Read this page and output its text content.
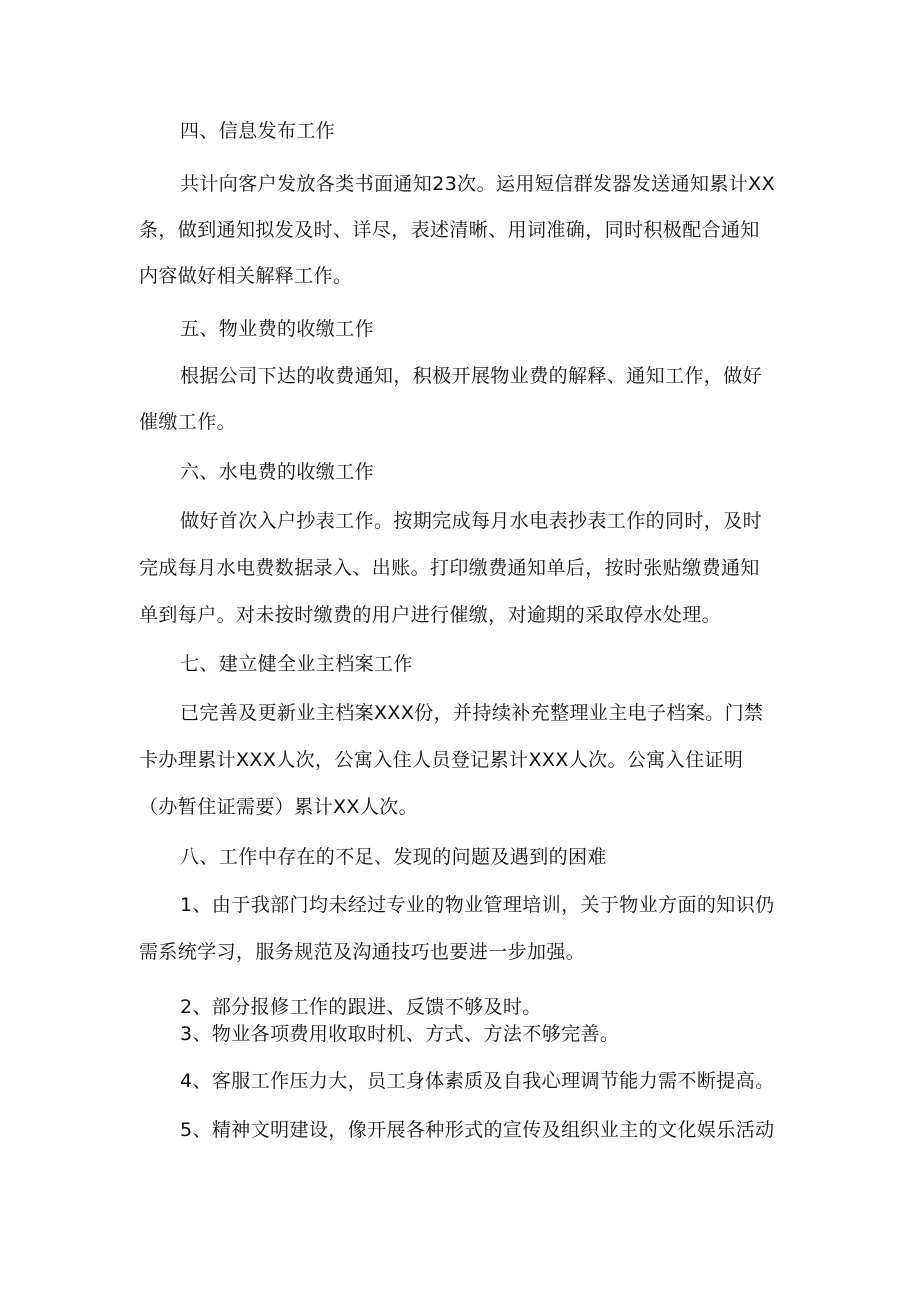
四、信息发布工作
共计向客户发放各类书面通知23次。运用短信群发器发送通知累计XX
条，做到通知拟发及时、详尽，表述清晰、用词准确，同时积极配合通知
内容做好相关解释工作。
五、物业费的收缴工作
根据公司下达的收费通知，积极开展物业费的解释、通知工作，做好
催缴工作。
六、水电费的收缴工作
做好首次入户抄表工作。按期完成每月水电表抄表工作的同时，及时
完成每月水电费数据录入、出账。打印缴费通知单后，按时张贴缴费通知
单到每户。对未按时缴费的用户进行催缴，对逾期的采取停水处理。
七、建立健全业主档案工作
已完善及更新业主档案XXX份，并持续补充整理业主电子档案。门禁
卡办理累计XXX人次，公寓入住人员登记累计XXX人次。公寓入住证明
（办暂住证需要）累计XX人次。
八、工作中存在的不足、发现的问题及遇到的困难
1、由于我部门均未经过专业的物业管理培训，关于物业方面的知识仍
需系统学习，服务规范及沟通技巧也要进一步加强。
2、部分报修工作的跟进、反馈不够及时。
3、物业各项费用收取时机、方式、方法不够完善。
4、客服工作压力大，员工身体素质及自我心理调节能力需不断提高。
5、精神文明建设，像开展各种形式的宣传及组织业主的文化娱乐活动
